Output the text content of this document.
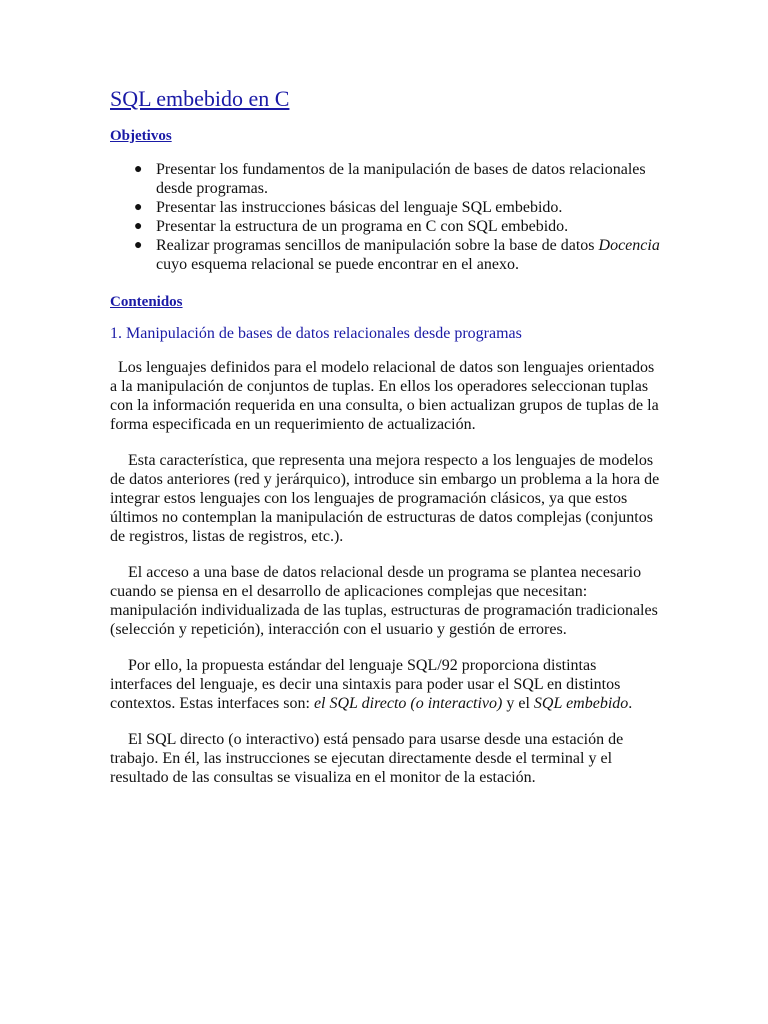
SQL embebido en C
Objetivos
● Presentar los fundamentos de la manipulación de bases de datos relacionales desde programas.
● Presentar las instrucciones básicas del lenguaje SQL embebido.
● Presentar la estructura de un programa en C con SQL embebido.
● Realizar programas sencillos de manipulación sobre la base de datos Docencia cuyo esquema relacional se puede encontrar en el anexo.
Contenidos
1. Manipulación de bases de datos relacionales desde programas

Los lenguajes definidos para el modelo relacional de datos son lenguajes orientados a la manipulación de conjuntos de tuplas. En ellos los operadores seleccionan tuplas con la información requerida en una consulta, o bien actualizan grupos de tuplas de la forma especificada en un requerimiento de actualización.

Esta característica, que representa una mejora respecto a los lenguajes de modelos de datos anteriores (red y jerárquico), introduce sin embargo un problema a la hora de integrar estos lenguajes con los lenguajes de programación clásicos, ya que estos últimos no contemplan la manipulación de estructuras de datos complejas (conjuntos de registros, listas de registros, etc.).

El acceso a una base de datos relacional desde un programa se plantea necesario cuando se piensa en el desarrollo de aplicaciones complejas que necesitan: manipulación individualizada de las tuplas, estructuras de programación tradicionales (selección y repetición), interacción con el usuario y gestión de errores.

Por ello, la propuesta estándar del lenguaje SQL/92 proporciona distintas interfaces del lenguaje, es decir una sintaxis para poder usar el SQL en distintos contextos. Estas interfaces son: el SQL directo (o interactivo) y el SQL embebido.

El SQL directo (o interactivo) está pensado para usarse desde una estación de trabajo. En él, las instrucciones se ejecutan directamente desde el terminal y el resultado de las consultas se visualiza en el monitor de la estación.
